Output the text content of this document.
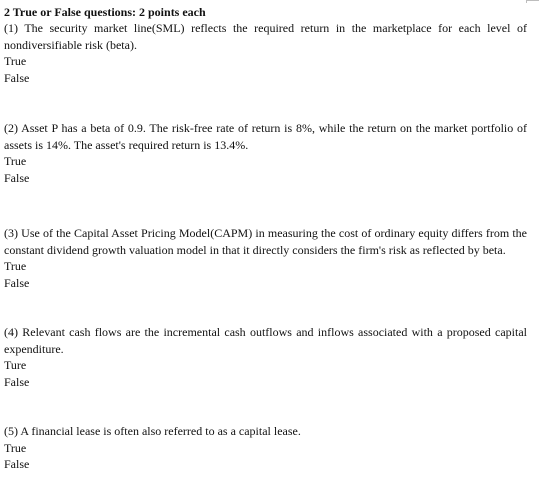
2 True or False questions: 2 points each

(1) The security market line(SML) reflects the required return in the marketplace for each level of nondiversifiable risk (beta).

True

False

(2) Asset P has a beta of 0.9. The risk-free rate of return is 8%, while the return on the market portfolio of assets is 14%. The asset's required return is 13.4%.

True

False

(3) Use of the Capital Asset Pricing Model(CAPM) in measuring the cost of ordinary equity differs from the constant dividend growth valuation model in that it directly considers the firm's risk as reflected by beta.

True

False

(4) Relevant cash flows are the incremental cash outflows and inflows associated with a proposed capital expenditure.

Ture

False

(5) A financial lease is often also referred to as a capital lease.

True

False
